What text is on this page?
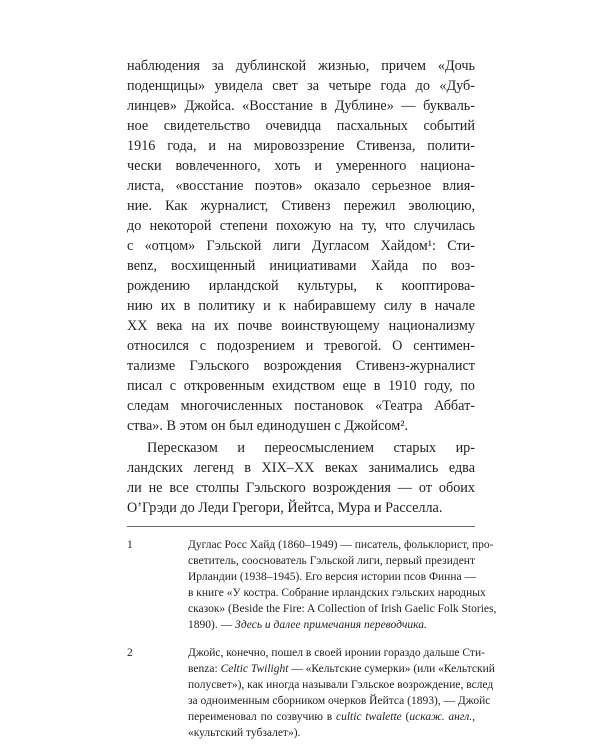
наблюдения за дублинской жизнью, причем «Дочь
поденщицы» увидела свет за четыре года до «Дуб-
линцев» Джойса. «Восстание в Дублине» — букваль-
ное свидетельство очевидца пасхальных событий
1916 года, и на мировоззрение Стивенза, полити-
чески вовлеченного, хоть и умеренного национа-
листа, «восстание поэтов» оказало серьезное влия-
ние. Как журналист, Стивенз пережил эволюцию,
до некоторой степени похожую на ту, что случилась
с «отцом» Гэльской лиги Дугласом Хайдом¹: Сти-
вenz, восхищенный инициативами Хайда по воз-
рождению ирландской культуры, к кооптирова-
нию их в политику и к набиравшему силу в начале
XX века на их почве воинствующему национализму
относился с подозрением и тревогой. О сентимен-
тализме Гэльского возрождения Стивенз-журналист
писал с откровенным ехидством еще в 1910 году, по
следам многочисленных постановок «Театра Аббат-
ства». В этом он был единодушен с Джойсом².
Пересказом и переосмыслением старых ир-
ландских легенд в XIX–XX веках занимались едва
ли не все столпы Гэльского возрождения — от обоих
О’Грэди до Леди Грегори, Йейтса, Мура и Расселла.
1	Дуглас Росс Хайд (1860–1949) — писатель, фольклорист, про-
светитель, сооснователь Гэльской лиги, первый президент
Ирландии (1938–1945). Его версия истории псов Финна —
в книге «У костра. Собрание ирландских гэльских народных
сказок» (Beside the Fire: A Collection of Irish Gaelic Folk Stories,
1890). — Здесь и далее примечания переводчика.
2	Джойс, конечно, пошел в своей иронии гораздо дальше Сти-
вenza: Celtic Twilight — «Кельтские сумерки» (или «Кельтский
полусвет»), как иногда называли Гэльское возрождение, вслед
за одноименным сборником очерков Йейтса (1893), — Джойс
переименовал по созвучию в cultic twalette (искаж. англ.,
«культский тубзалет»).
